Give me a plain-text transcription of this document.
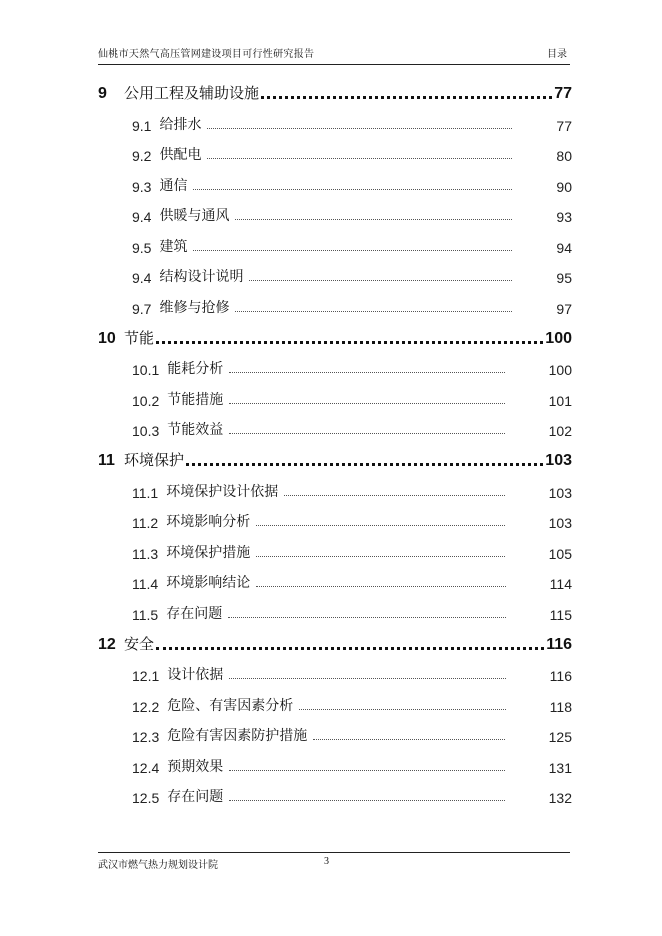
仙桃市天然气高压管网建设项目可行性研究报告	目录
9	公用工程及辅助设施	77
9.1 给排水	77
9.2 供配电	80
9.3 通信	90
9.4 供暖与通风	93
9.5 建筑	94
9.4 结构设计说明	95
9.7 维修与抢修	97
10 节能	100
10.1 能耗分析	100
10.2 节能措施	101
10.3 节能效益	102
11 环境保护	103
11.1 环境保护设计依据	103
11.2 环境影响分析	103
11.3 环境保护措施	105
11.4 环境影响结论	114
11.5 存在问题	115
12 安全	116
12.1 设计依据	116
12.2 危险、有害因素分析	118
12.3 危险有害因素防护措施	125
12.4 预期效果	131
12.5 存在问题	132
武汉市燃气热力规划设计院	3
